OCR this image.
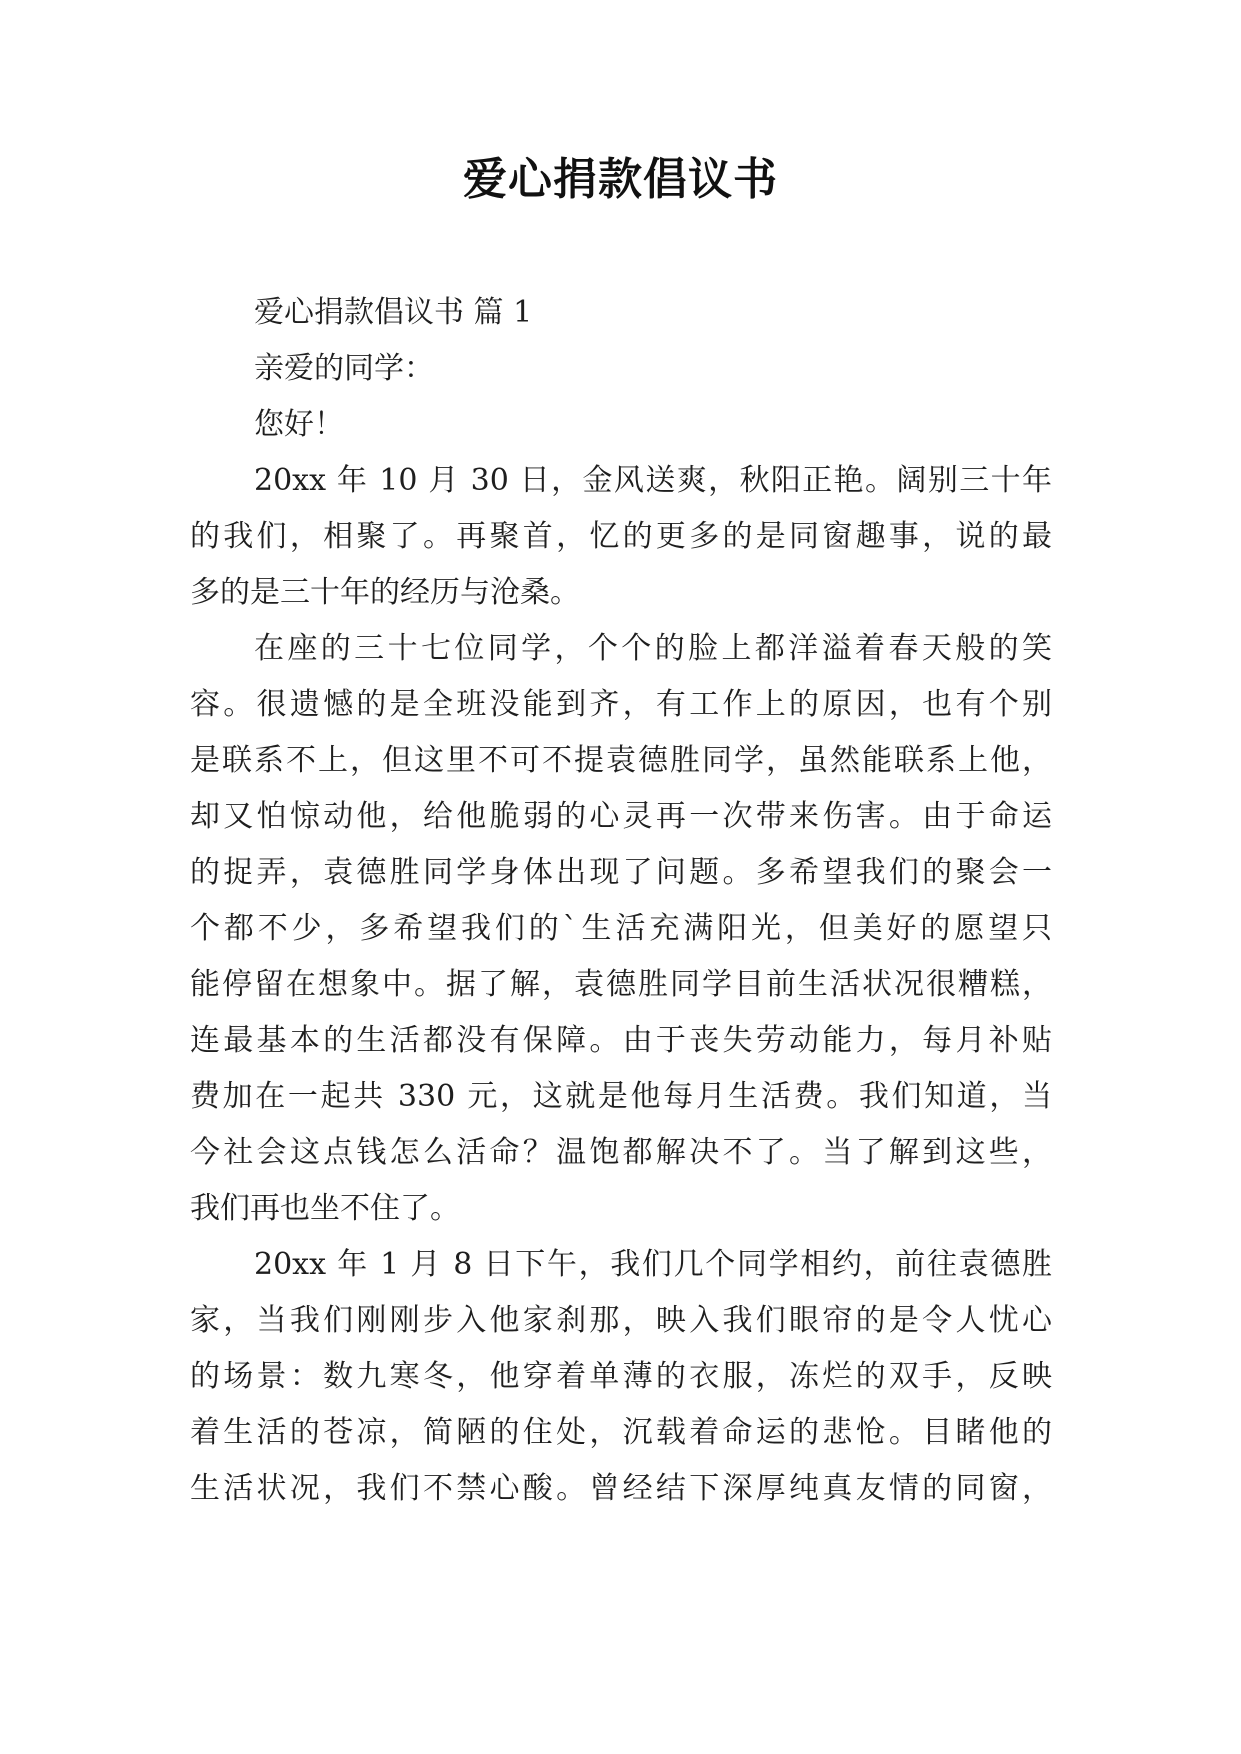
爱心捐款倡议书
爱心捐款倡议书 篇 1
亲爱的同学：
您好！
20xx 年 10 月 30 日，金风送爽，秋阳正艳。阔别三十年
的我们，相聚了。再聚首，忆的更多的是同窗趣事，说的最
多的是三十年的经历与沧桑。
在座的三十七位同学，个个的脸上都洋溢着春天般的笑
容。很遗憾的是全班没能到齐，有工作上的原因，也有个别
是联系不上，但这里不可不提袁德胜同学，虽然能联系上他，
却又怕惊动他，给他脆弱的心灵再一次带来伤害。由于命运
的捉弄，袁德胜同学身体出现了问题。多希望我们的聚会一
个都不少，多希望我们的`生活充满阳光，但美好的愿望只
能停留在想象中。据了解，袁德胜同学目前生活状况很糟糕，
连最基本的生活都没有保障。由于丧失劳动能力，每月补贴
费加在一起共 330 元，这就是他每月生活费。我们知道，当
今社会这点钱怎么活命？温饱都解决不了。当了解到这些，
我们再也坐不住了。
20xx 年 1 月 8 日下午，我们几个同学相约，前往袁德胜
家，当我们刚刚步入他家刹那，映入我们眼帘的是令人忧心
的场景：数九寒冬，他穿着单薄的衣服，冻烂的双手，反映
着生活的苍凉，简陋的住处，沉载着命运的悲怆。目睹他的
生活状况，我们不禁心酸。曾经结下深厚纯真友情的同窗，
